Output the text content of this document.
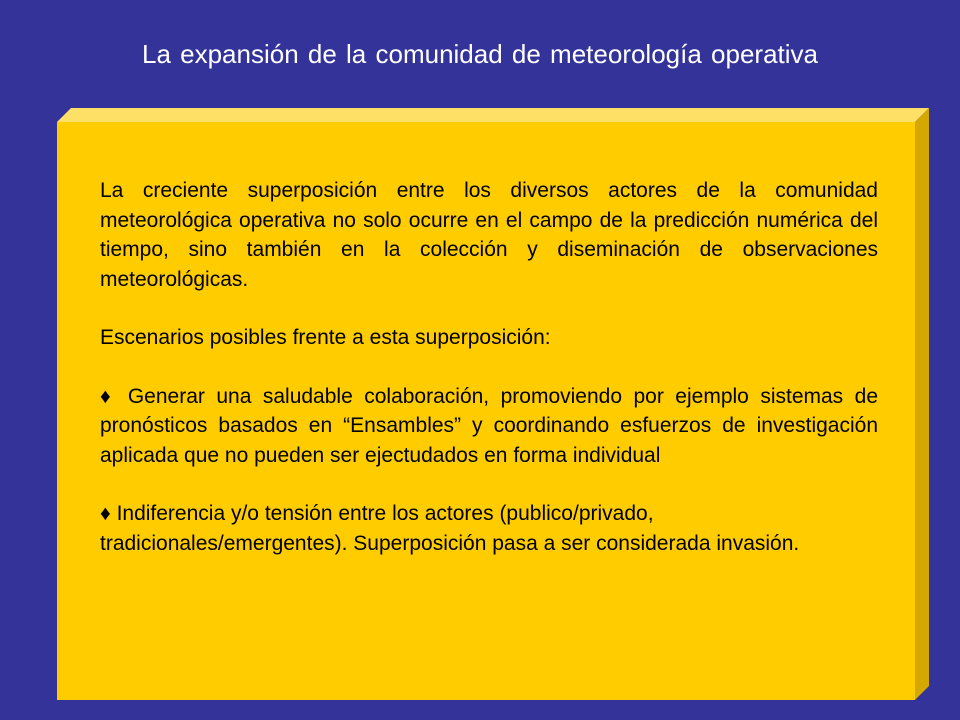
La expansión de la comunidad de meteorología operativa

La creciente superposición entre los diversos actores de la comunidad meteorológica operativa no solo ocurre en el campo de la predicción numérica del tiempo, sino también en la colección y diseminación de observaciones meteorológicas.

Escenarios posibles frente a esta superposición:

♦ Generar una saludable colaboración, promoviendo por ejemplo sistemas de pronósticos basados en “Ensambles” y coordinando esfuerzos de investigación aplicada que no pueden ser ejectudados en forma individual

♦ Indiferencia y/o tensión entre los actores (publico/privado, tradicionales/emergentes). Superposición pasa a ser considerada invasión.
